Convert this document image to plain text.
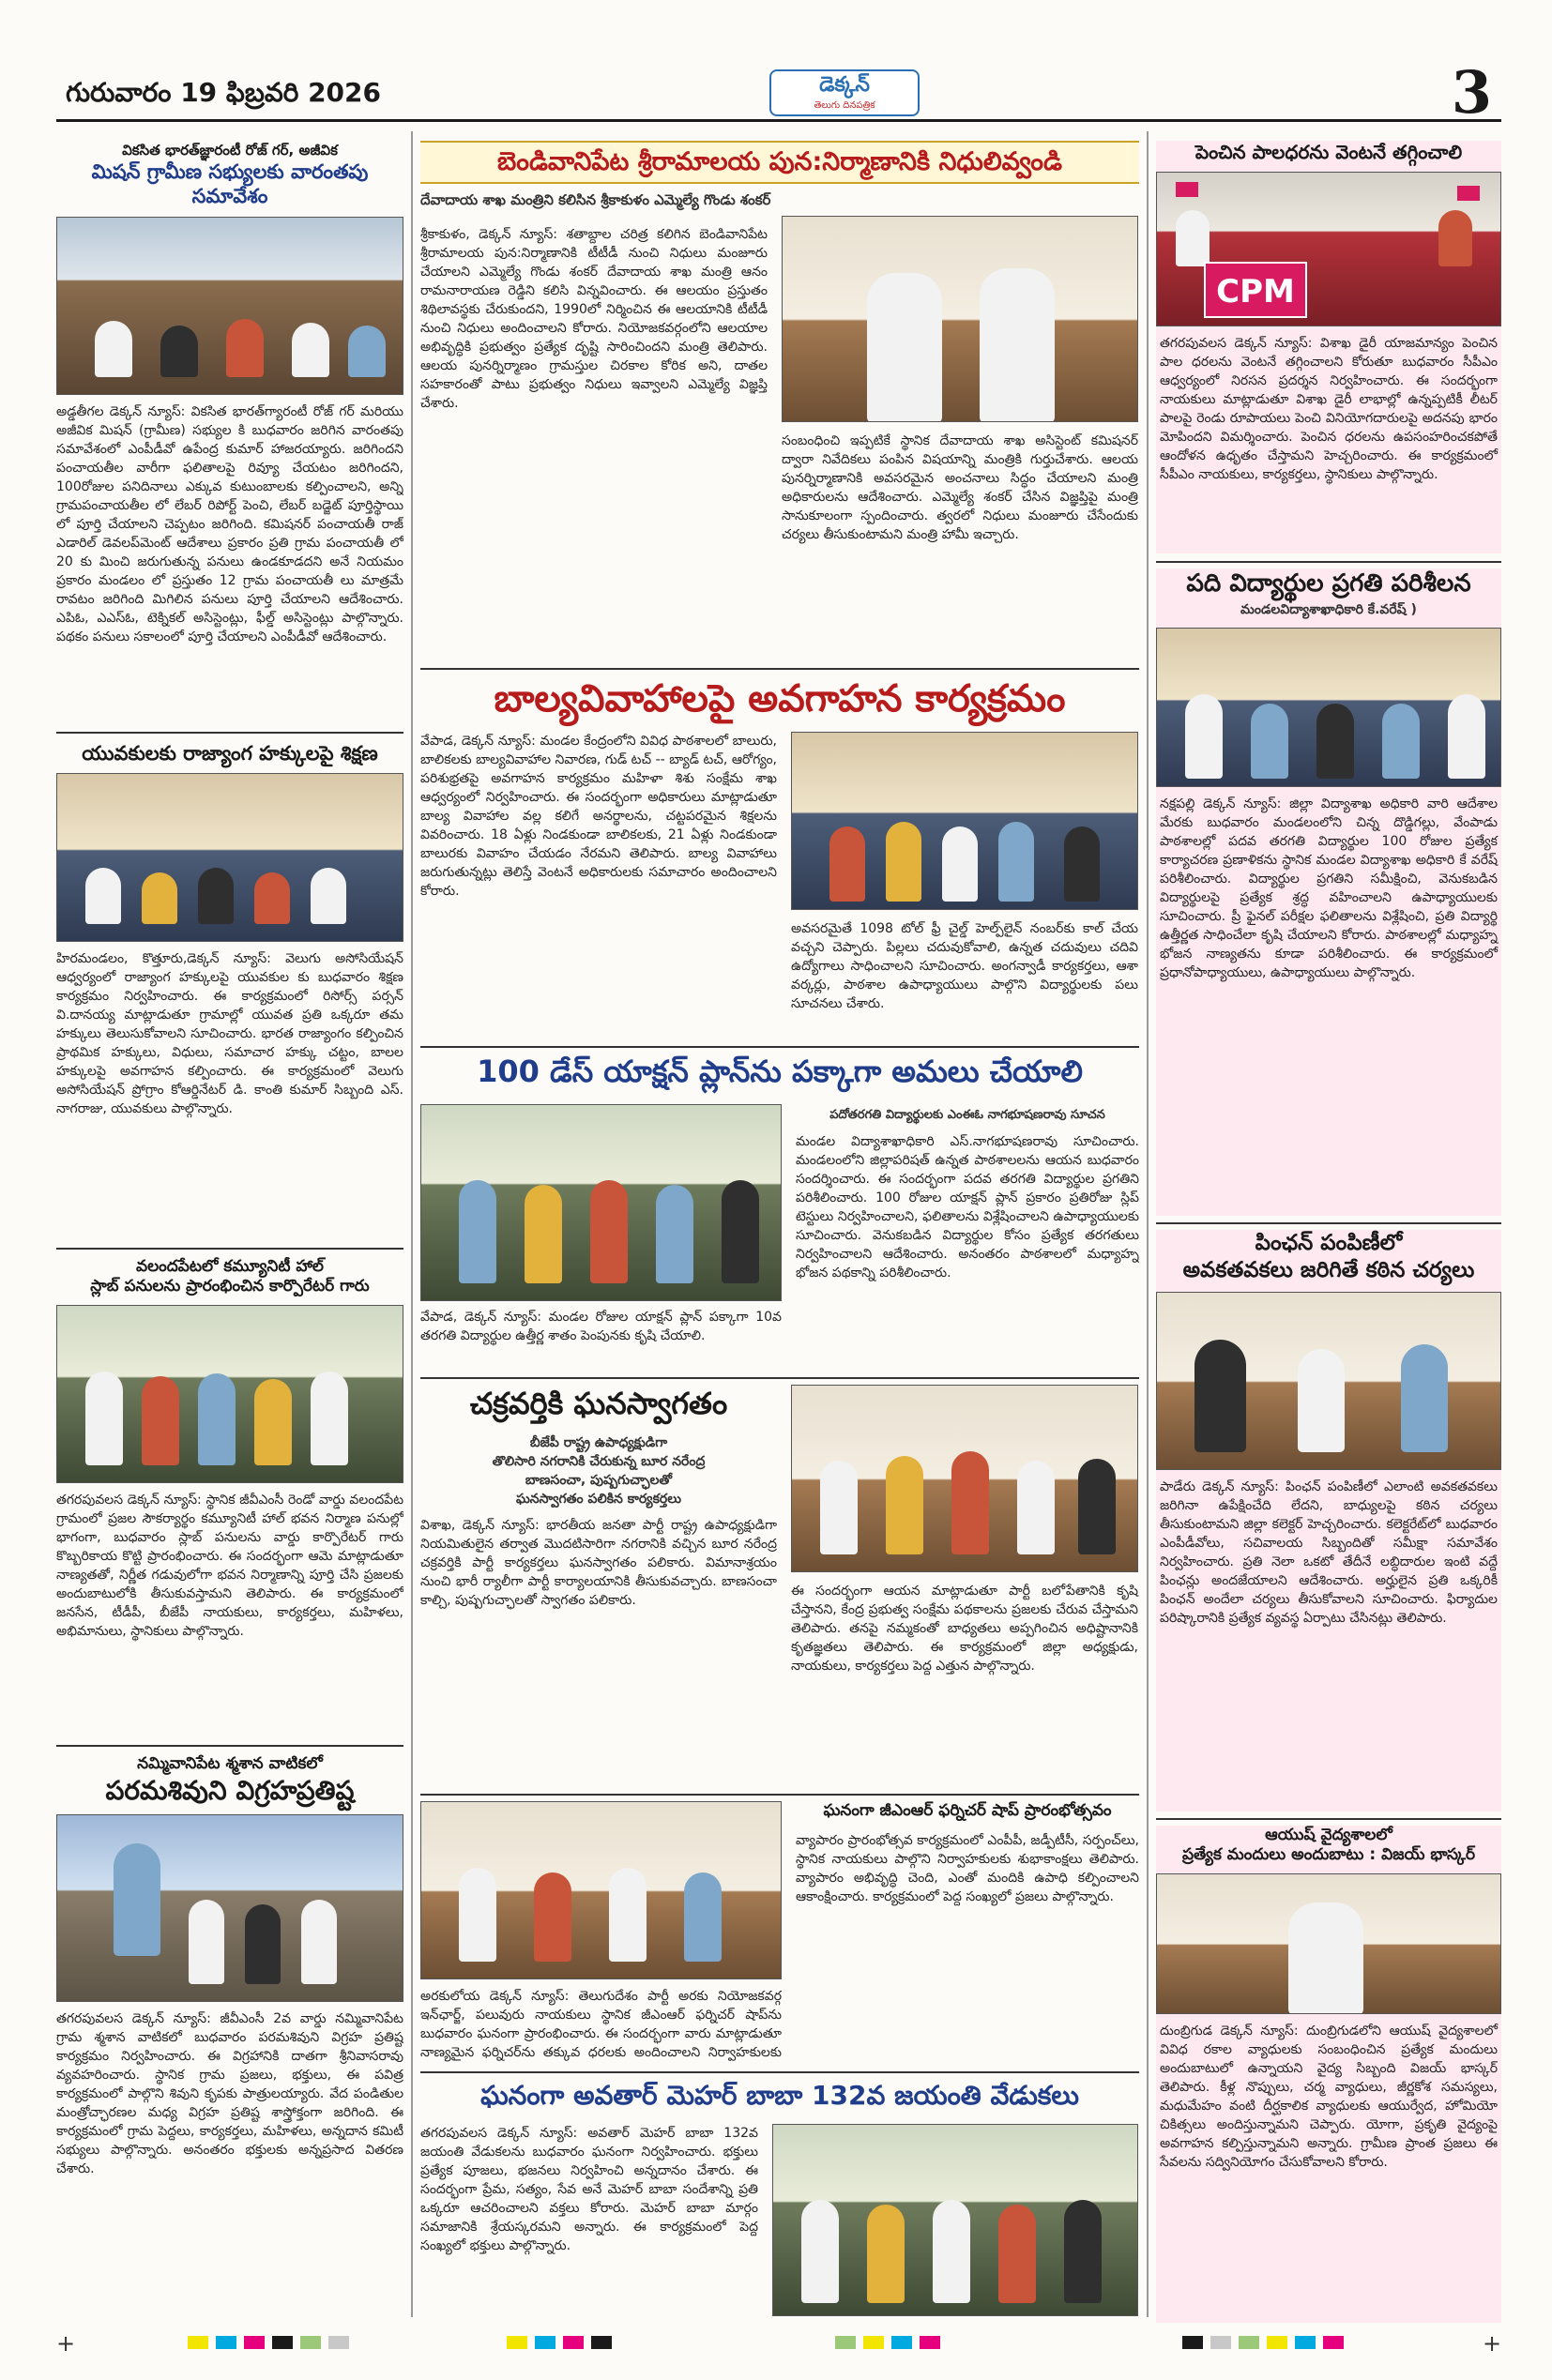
గురువారం 19 ఫిబ్రవరి 2026	డెక్కన్
తెలుగు దినపత్రిక	3
వికసిత భారత్‌జ్ఞారంటీ రోజ్ గర్, అజీవిక
మిషన్ గ్రామీణ సభ్యులకు వారంతపు సమావేశం
అడ్డతీగల డెక్కన్ న్యూస్: వికసిత భారత్‌గ్యారంటీ రోజ్ గర్ మరియు అజీవిక మిషన్ (గ్రామీణ) సభ్యుల కి బుధవారం జరిగిన వారంతపు సమావేశంలో ఎంపీడీవో ఉపేంద్ర కుమార్ హాజరయ్యారు. జరిగిందని పంచాయతీల వారీగా ఫలితాలపై రివ్యూ చేయటం జరిగిందని, 100రోజుల పనిదినాలు ఎక్కువ కుటుంబాలకు కల్పించాలని, అన్ని గ్రామపంచాయతీల లో లేబర్ రిపోర్ట్ పెంచి, లేబర్ బడ్జెట్ పూర్తిస్థాయి లో పూర్తి చేయాలని చెప్పటం జరిగింది. కమిషనర్ పంచాయతీ రాజ్ ఎడారిల్ డెవలప్‌మెంట్ ఆదేశాలు ప్రకారం ప్రతి గ్రామ పంచాయతీ లో 20 కు మించి జరుగుతున్న పనులు ఉండకూడదని అనే నియమం ప్రకారం మండలం లో ప్రస్తుతం 12 గ్రామ పంచాయతీ లు మాత్రమే రావటం జరిగింది మిగిలిన పనులు పూర్తి చేయాలని ఆదేశించారు. ఎపిఓ, ఎఎస్ఓ, టెక్నికల్ అసిస్టెంట్లు, ఫీల్డ్ అసిస్టెంట్లు పాల్గొన్నారు. పథకం పనులు సకాలంలో పూర్తి చేయాలని ఎంపీడీవో ఆదేశించారు.
యువకులకు రాజ్యాంగ హక్కులపై శిక్షణ
హిరమండలం, కొత్తూరు,డెక్కన్ న్యూస్: వెలుగు అసోసియేషన్ ఆధ్వర్యంలో రాజ్యాంగ హక్కులపై యువకుల కు బుధవారం శిక్షణ కార్యక్రమం నిర్వహించారు. ఈ కార్యక్రమంలో రిసోర్స్ పర్సన్ వి.దానయ్య మాట్లాడుతూ గ్రామాల్లో యువత ప్రతి ఒక్కరూ తమ హక్కులు తెలుసుకోవాలని సూచించారు. భారత రాజ్యాంగం కల్పించిన ప్రాథమిక హక్కులు, విధులు, సమాచార హక్కు చట్టం, బాలల హక్కులపై అవగాహన కల్పించారు. ఈ కార్యక్రమంలో వెలుగు అసోసియేషన్ ప్రోగ్రాం కోఆర్డినేటర్ డి. కాంతి కుమార్ సిబ్బంది ఎస్. నాగరాజు, యువకులు పాల్గొన్నారు.
వలందపేటలో కమ్యూనిటీ హాల్
స్లాబ్ పనులను ప్రారంభించిన కార్పొరేటర్ గారు
తగరపువలస డెక్కన్ న్యూస్: స్థానిక జీవీఎంసీ రెండో వార్డు వలందపేట గ్రామంలో ప్రజల సౌకర్యార్థం కమ్యూనిటీ హాల్ భవన నిర్మాణ పనుల్లో భాగంగా, బుధవారం స్లాబ్ పనులను వార్డు కార్పొరేటర్ గారు కొబ్బరికాయ కొట్టి ప్రారంభించారు. ఈ సందర్భంగా ఆమె మాట్లాడుతూ నాణ్యతతో, నిర్ణీత గడువులోగా భవన నిర్మాణాన్ని పూర్తి చేసి ప్రజలకు అందుబాటులోకి తీసుకువస్తామని తెలిపారు. ఈ కార్యక్రమంలో జనసేన, టీడీపీ, బీజేపీ నాయకులు, కార్యకర్తలు, మహిళలు, అభిమానులు, స్థానికులు పాల్గొన్నారు.
నమ్మివానిపేట శ్మశాన వాటికలో
పరమశివుని విగ్రహప్రతిష్ట
తగరపువలస డెక్కన్ న్యూస్: జీవీఎంసీ 2వ వార్డు నమ్మివానిపేట గ్రామ శ్మశాన వాటికలో బుధవారం పరమశివుని విగ్రహ ప్రతిష్ట కార్యక్రమం నిర్వహించారు. ఈ విగ్రహానికి దాతగా శ్రీనివాసరావు వ్యవహరించారు. స్థానిక గ్రామ ప్రజలు, భక్తులు, ఈ పవిత్ర కార్యక్రమంలో పాల్గొని శివుని కృపకు పాత్రులయ్యారు. వేద పండితుల మంత్రోచ్ఛారణల మధ్య విగ్రహ ప్రతిష్ట శాస్త్రోక్తంగా జరిగింది. ఈ కార్యక్రమంలో గ్రామ పెద్దలు, కార్యకర్తలు, మహిళలు, అన్నదాన కమిటీ సభ్యులు పాల్గొన్నారు. అనంతరం భక్తులకు అన్నప్రసాద వితరణ చేశారు.
బెండివానిపేట శ్రీరామాలయ పున:నిర్మాణానికి నిధులివ్వండి
దేవాదాయ శాఖ మంత్రిని కలిసిన శ్రీకాకుళం ఎమ్మెల్యే గొండు శంకర్
శ్రీకాకుళం, డెక్కన్ న్యూస్: శతాబ్దాల చరిత్ర కలిగిన బెండివానిపేట శ్రీరామాలయ పున:నిర్మాణానికి టీటీడీ నుంచి నిధులు మంజూరు చేయాలని ఎమ్మెల్యే గొండు శంకర్ దేవాదాయ శాఖ మంత్రి ఆనం రామనారాయణ రెడ్డిని కలిసి విన్నవించారు. ఈ ఆలయం ప్రస్తుతం శిథిలావస్థకు చేరుకుందని, 1990లో నిర్మించిన ఈ ఆలయానికి టీటీడీ నుంచి నిధులు అందించాలని కోరారు. నియోజకవర్గంలోని ఆలయాల అభివృద్ధికి ప్రభుత్వం ప్రత్యేక దృష్టి సారించిందని మంత్రి తెలిపారు. ఆలయ పునర్నిర్మాణం గ్రామస్తుల చిరకాల కోరిక అని, దాతల సహకారంతో పాటు ప్రభుత్వం నిధులు ఇవ్వాలని ఎమ్మెల్యే విజ్ఞప్తి చేశారు.
సంబంధించి ఇప్పటికే స్థానిక దేవాదాయ శాఖ అసిస్టెంట్ కమిషనర్ ద్వారా నివేదికలు పంపిన విషయాన్ని మంత్రికి గుర్తుచేశారు. ఆలయ పునర్నిర్మాణానికి అవసరమైన అంచనాలు సిద్ధం చేయాలని మంత్రి అధికారులను ఆదేశించారు. ఎమ్మెల్యే శంకర్ చేసిన విజ్ఞప్తిపై మంత్రి సానుకూలంగా స్పందించారు. త్వరలో నిధులు మంజూరు చేసేందుకు చర్యలు తీసుకుంటామని మంత్రి హామీ ఇచ్చారు.
బాల్యవివాహాలపై అవగాహన కార్యక్రమం
వేపాడ, డెక్కన్ న్యూస్: మండల కేంద్రంలోని వివిధ పాఠశాలలో బాలురు, బాలికలకు బాల్యవివాహాల నివారణ, గుడ్ టచ్ -- బ్యాడ్ టచ్, ఆరోగ్యం, పరిశుభ్రతపై అవగాహన కార్యక్రమం మహిళా శిశు సంక్షేమ శాఖ ఆధ్వర్యంలో నిర్వహించారు. ఈ సందర్భంగా అధికారులు మాట్లాడుతూ బాల్య వివాహాల వల్ల కలిగే అనర్థాలను, చట్టపరమైన శిక్షలను వివరించారు. 18 ఏళ్లు నిండకుండా బాలికలకు, 21 ఏళ్లు నిండకుండా బాలురకు వివాహం చేయడం నేరమని తెలిపారు. బాల్య వివాహాలు జరుగుతున్నట్లు తెలిస్తే వెంటనే అధికారులకు సమాచారం అందించాలని కోరారు.
అవసరమైతే 1098 టోల్ ఫ్రీ చైల్డ్ హెల్ప్‌లైన్ నంబర్‌కు కాల్ చేయ వచ్చని చెప్పారు. పిల్లలు చదువుకోవాలి, ఉన్నత చదువులు చదివి ఉద్యోగాలు సాధించాలని సూచించారు. అంగన్వాడీ కార్యకర్తలు, ఆశా వర్కర్లు, పాఠశాల ఉపాధ్యాయులు పాల్గొని విద్యార్థులకు పలు సూచనలు చేశారు.
100 డేస్ యాక్షన్ ప్లాన్‌ను పక్కాగా అమలు చేయాలి
వేపాడ, డెక్కన్ న్యూస్: మండల రోజుల యాక్షన్ ప్లాన్ పక్కాగా 10వ తరగతి విద్యార్థుల ఉత్తీర్ణ శాతం పెంపునకు కృషి చేయాలి.
పదోతరగతి విద్యార్థులకు ఎంఈఓ నాగభూషణరావు సూచన
మండల విద్యాశాఖాధికారి ఎస్.నాగభూషణరావు సూచించారు. మండలంలోని జిల్లాపరిషత్ ఉన్నత పాఠశాలలను ఆయన బుధవారం సందర్శించారు. ఈ సందర్భంగా పదవ తరగతి విద్యార్థుల ప్రగతిని పరిశీలించారు. 100 రోజుల యాక్షన్ ప్లాన్ ప్రకారం ప్రతిరోజు స్లిప్ టెస్టులు నిర్వహించాలని, ఫలితాలను విశ్లేషించాలని ఉపాధ్యాయులకు సూచించారు. వెనుకబడిన విద్యార్థుల కోసం ప్రత్యేక తరగతులు నిర్వహించాలని ఆదేశించారు. అనంతరం పాఠశాలలో మధ్యాహ్న భోజన పథకాన్ని పరిశీలించారు.
చక్రవర్తికి ఘనస్వాగతం
బీజేపీ రాష్ట్ర ఉపాధ్యక్షుడిగా
తొలిసారి నగరానికి చేరుకున్న బూర నరేంద్ర
బాణసంచా, పుష్పగుచ్ఛాలతో
ఘనస్వాగతం పలికిన కార్యకర్తలు
విశాఖ, డెక్కన్ న్యూస్: భారతీయ జనతా పార్టీ రాష్ట్ర ఉపాధ్యక్షుడిగా నియమితులైన తర్వాత మొదటిసారిగా నగరానికి వచ్చిన బూర నరేంద్ర చక్రవర్తికి పార్టీ కార్యకర్తలు ఘనస్వాగతం పలికారు. విమానాశ్రయం నుంచి భారీ ర్యాలీగా పార్టీ కార్యాలయానికి తీసుకువచ్చారు. బాణసంచా కాల్చి, పుష్పగుచ్ఛాలతో స్వాగతం పలికారు.
ఈ సందర్భంగా ఆయన మాట్లాడుతూ పార్టీ బలోపేతానికి కృషి చేస్తానని, కేంద్ర ప్రభుత్వ సంక్షేమ పథకాలను ప్రజలకు చేరువ చేస్తామని తెలిపారు. తనపై నమ్మకంతో బాధ్యతలు అప్పగించిన అధిష్టానానికి కృతజ్ఞతలు తెలిపారు. ఈ కార్యక్రమంలో జిల్లా అధ్యక్షుడు, నాయకులు, కార్యకర్తలు పెద్ద ఎత్తున పాల్గొన్నారు.
అరకులోయ డెక్కన్ న్యూస్: తెలుగుదేశం పార్టీ అరకు నియోజకవర్గ ఇన్‌ఛార్జ్, పలువురు నాయకులు స్థానిక జీఎంఆర్ ఫర్నిచర్ షాప్‌ను బుధవారం ఘనంగా ప్రారంభించారు. ఈ సందర్భంగా వారు మాట్లాడుతూ నాణ్యమైన ఫర్నిచర్‌ను తక్కువ ధరలకు అందించాలని నిర్వాహకులకు
ఘనంగా జీఎంఆర్ ఫర్నిచర్ షాప్ ప్రారంభోత్సవం
వ్యాపారం ప్రారంభోత్సవ కార్యక్రమంలో ఎంపీపీ, జడ్పీటీసీ, సర్పంచ్‌లు, స్థానిక నాయకులు పాల్గొని నిర్వాహకులకు శుభాకాంక్షలు తెలిపారు. వ్యాపారం అభివృద్ధి చెంది, ఎంతో మందికి ఉపాధి కల్పించాలని ఆకాంక్షించారు. కార్యక్రమంలో పెద్ద సంఖ్యలో ప్రజలు పాల్గొన్నారు.
ఘనంగా అవతార్ మెహర్ బాబా 132వ జయంతి వేడుకలు
తగరపువలస డెక్కన్ న్యూస్: అవతార్ మెహర్ బాబా 132వ జయంతి వేడుకలను బుధవారం ఘనంగా నిర్వహించారు. భక్తులు ప్రత్యేక పూజలు, భజనలు నిర్వహించి అన్నదానం చేశారు. ఈ సందర్భంగా ప్రేమ, సత్యం, సేవ అనే మెహర్ బాబా సందేశాన్ని ప్రతి ఒక్కరూ ఆచరించాలని వక్తలు కోరారు. మెహర్ బాబా మార్గం సమాజానికి శ్రేయస్కరమని అన్నారు. ఈ కార్యక్రమంలో పెద్ద సంఖ్యలో భక్తులు పాల్గొన్నారు.
పెంచిన పాలధరను వెంటనే తగ్గించాలి
CPM
తగరపువలస డెక్కన్ న్యూస్: విశాఖ డైరీ యాజమాన్యం పెంచిన పాల ధరలను వెంటనే తగ్గించాలని కోరుతూ బుధవారం సీపీఎం ఆధ్వర్యంలో నిరసన ప్రదర్శన నిర్వహించారు. ఈ సందర్భంగా నాయకులు మాట్లాడుతూ విశాఖ డైరీ లాభాల్లో ఉన్నప్పటికీ లీటర్ పాలపై రెండు రూపాయలు పెంచి వినియోగదారులపై అదనపు భారం మోపిందని విమర్శించారు. పెంచిన ధరలను ఉపసంహరించకపోతే ఆందోళన ఉధృతం చేస్తామని హెచ్చరించారు. ఈ కార్యక్రమంలో సీపీఎం నాయకులు, కార్యకర్తలు, స్థానికులు పాల్గొన్నారు.
పది విద్యార్థుల ప్రగతి పరిశీలన
మండలవిద్యాశాఖాధికారి కే.వరేష్ )
నక్షపల్లి డెక్కన్ న్యూస్: జిల్లా విద్యాశాఖ అధికారి వారి ఆదేశాల మేరకు బుధవారం మండలంలోని చిన్న దొడ్డిగల్లు, వేంపాడు పాఠశాలల్లో పదవ తరగతి విద్యార్థుల 100 రోజుల ప్రత్యేక కార్యాచరణ ప్రణాళికను స్థానిక మండల విద్యాశాఖ అధికారి కే వరేష్ పరిశీలించారు. విద్యార్థుల ప్రగతిని సమీక్షించి, వెనుకబడిన విద్యార్థులపై ప్రత్యేక శ్రద్ధ వహించాలని ఉపాధ్యాయులకు సూచించారు. ప్రీ ఫైనల్ పరీక్షల ఫలితాలను విశ్లేషించి, ప్రతి విద్యార్థి ఉత్తీర్ణత సాధించేలా కృషి చేయాలని కోరారు. పాఠశాలల్లో మధ్యాహ్న భోజన నాణ్యతను కూడా పరిశీలించారు. ఈ కార్యక్రమంలో ప్రధానోపాధ్యాయులు, ఉపాధ్యాయులు పాల్గొన్నారు.
పింఛన్ పంపిణీలో
అవకతవకలు జరిగితే కఠిన చర్యలు
పాడేరు డెక్కన్ న్యూస్: పింఛన్ పంపిణీలో ఎలాంటి అవకతవకలు జరిగినా ఉపేక్షించేది లేదని, బాధ్యులపై కఠిన చర్యలు తీసుకుంటామని జిల్లా కలెక్టర్ హెచ్చరించారు. కలెక్టరేట్‌లో బుధవారం ఎంపీడీవోలు, సచివాలయ సిబ్బందితో సమీక్షా సమావేశం నిర్వహించారు. ప్రతి నెలా ఒకటో తేదీనే లబ్ధిదారుల ఇంటి వద్దే పింఛన్లు అందజేయాలని ఆదేశించారు. అర్హులైన ప్రతి ఒక్కరికీ పింఛన్ అందేలా చర్యలు తీసుకోవాలని సూచించారు. ఫిర్యాదుల పరిష్కారానికి ప్రత్యేక వ్యవస్థ ఏర్పాటు చేసినట్లు తెలిపారు.
ఆయుష్ వైద్యశాలలో
ప్రత్యేక మందులు అందుబాటు : విజయ్ భాస్కర్
దుంబ్రిగుడ డెక్కన్ న్యూస్: దుంబ్రిగుడలోని ఆయుష్ వైద్యశాలలో వివిధ రకాల వ్యాధులకు సంబంధించిన ప్రత్యేక మందులు అందుబాటులో ఉన్నాయని వైద్య సిబ్బంది విజయ్ భాస్కర్ తెలిపారు. కీళ్ల నొప్పులు, చర్మ వ్యాధులు, జీర్ణకోశ సమస్యలు, మధుమేహం వంటి దీర్ఘకాలిక వ్యాధులకు ఆయుర్వేద, హోమియో చికిత్సలు అందిస్తున్నామని చెప్పారు. యోగా, ప్రకృతి వైద్యంపై అవగాహన కల్పిస్తున్నామని అన్నారు. గ్రామీణ ప్రాంత ప్రజలు ఈ సేవలను సద్వినియోగం చేసుకోవాలని కోరారు.
+	+
